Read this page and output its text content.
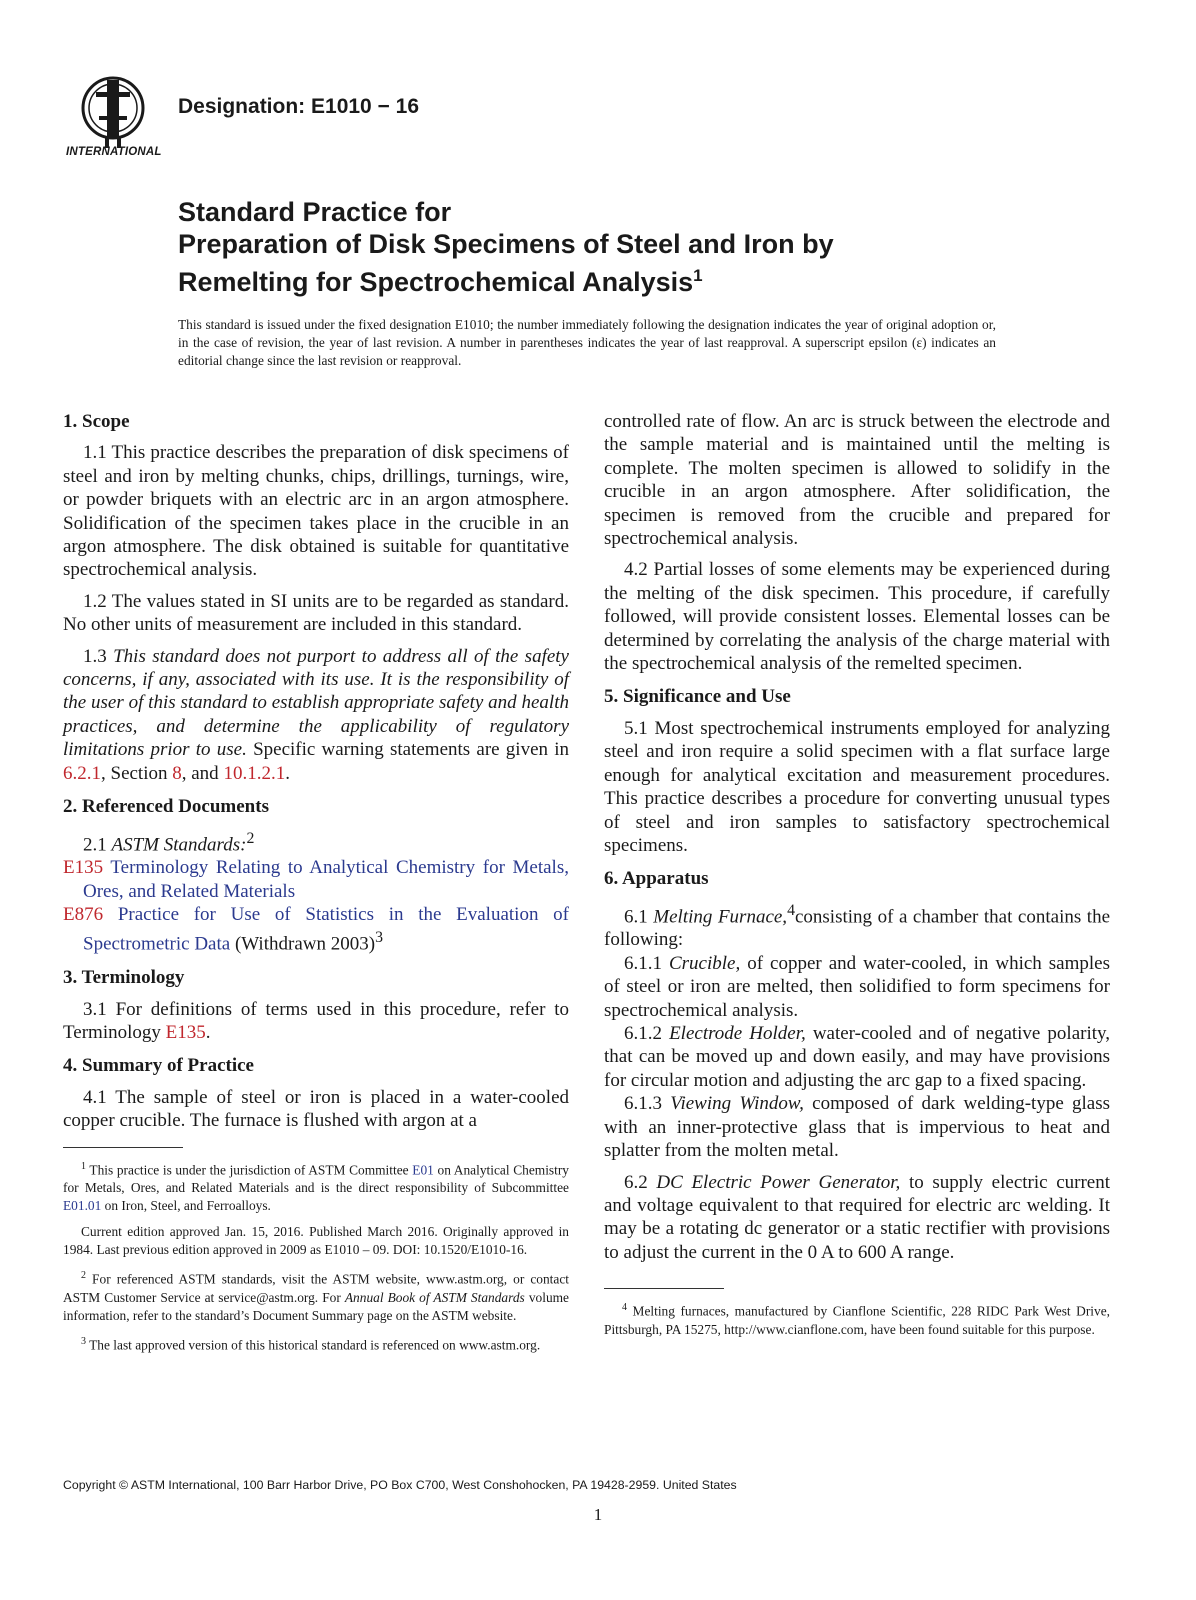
INTERNATIONAL
Designation: E1010 − 16
Standard Practice for
Preparation of Disk Specimens of Steel and Iron by
Remelting for Spectrochemical Analysis$^1$
This standard is issued under the fixed designation E1010; the number immediately following the designation indicates the year of original adoption or, in the case of revision, the year of last revision. A number in parentheses indicates the year of last reapproval. A superscript epsilon (ε) indicates an editorial change since the last revision or reapproval.
1. Scope

1.1 This practice describes the preparation of disk specimens of steel and iron by melting chunks, chips, drillings, turnings, wire, or powder briquets with an electric arc in an argon atmosphere. Solidification of the specimen takes place in the crucible in an argon atmosphere. The disk obtained is suitable for quantitative spectrochemical analysis.

1.2 The values stated in SI units are to be regarded as standard. No other units of measurement are included in this standard.

1.3 This standard does not purport to address all of the safety concerns, if any, associated with its use. It is the responsibility of the user of this standard to establish appropriate safety and health practices, and determine the applicability of regulatory limitations prior to use. Specific warning statements are given in 6.2.1, Section 8, and 10.1.2.1.

2. Referenced Documents

2.1 ASTM Standards:$^2$

E135 Terminology Relating to Analytical Chemistry for Metals, Ores, and Related Materials
E876 Practice for Use of Statistics in the Evaluation of Spectrometric Data (Withdrawn 2003)$^3$
3. Terminology

3.1 For definitions of terms used in this procedure, refer to Terminology E135.

4. Summary of Practice

4.1 The sample of steel or iron is placed in a water-cooled copper crucible. The furnace is flushed with argon at a

$^1$ This practice is under the jurisdiction of ASTM Committee E01 on Analytical Chemistry for Metals, Ores, and Related Materials and is the direct responsibility of Subcommittee E01.01 on Iron, Steel, and Ferroalloys.

Current edition approved Jan. 15, 2016. Published March 2016. Originally approved in 1984. Last previous edition approved in 2009 as E1010 – 09. DOI: 10.1520/E1010-16.

$^2$ For referenced ASTM standards, visit the ASTM website, www.astm.org, or contact ASTM Customer Service at service@astm.org. For Annual Book of ASTM Standards volume information, refer to the standard’s Document Summary page on the ASTM website.

$^3$ The last approved version of this historical standard is referenced on www.astm.org.

controlled rate of flow. An arc is struck between the electrode and the sample material and is maintained until the melting is complete. The molten specimen is allowed to solidify in the crucible in an argon atmosphere. After solidification, the specimen is removed from the crucible and prepared for spectrochemical analysis.

4.2 Partial losses of some elements may be experienced during the melting of the disk specimen. This procedure, if carefully followed, will provide consistent losses. Elemental losses can be determined by correlating the analysis of the charge material with the spectrochemical analysis of the remelted specimen.

5. Significance and Use

5.1 Most spectrochemical instruments employed for analyzing steel and iron require a solid specimen with a flat surface large enough for analytical excitation and measurement procedures. This practice describes a procedure for converting unusual types of steel and iron samples to satisfactory spectrochemical specimens.

6. Apparatus

6.1 Melting Furnace,$^4$consisting of a chamber that contains the following:

6.1.1 Crucible, of copper and water-cooled, in which samples of steel or iron are melted, then solidified to form specimens for spectrochemical analysis.

6.1.2 Electrode Holder, water-cooled and of negative polarity, that can be moved up and down easily, and may have provisions for circular motion and adjusting the arc gap to a fixed spacing.

6.1.3 Viewing Window, composed of dark welding-type glass with an inner-protective glass that is impervious to heat and splatter from the molten metal.

6.2 DC Electric Power Generator, to supply electric current and voltage equivalent to that required for electric arc welding. It may be a rotating dc generator or a static rectifier with provisions to adjust the current in the 0 A to 600 A range.

$^4$ Melting furnaces, manufactured by Cianflone Scientific, 228 RIDC Park West Drive, Pittsburgh, PA 15275, http://www.cianflone.com, have been found suitable for this purpose.

Copyright © ASTM International, 100 Barr Harbor Drive, PO Box C700, West Conshohocken, PA 19428-2959. United States
1
